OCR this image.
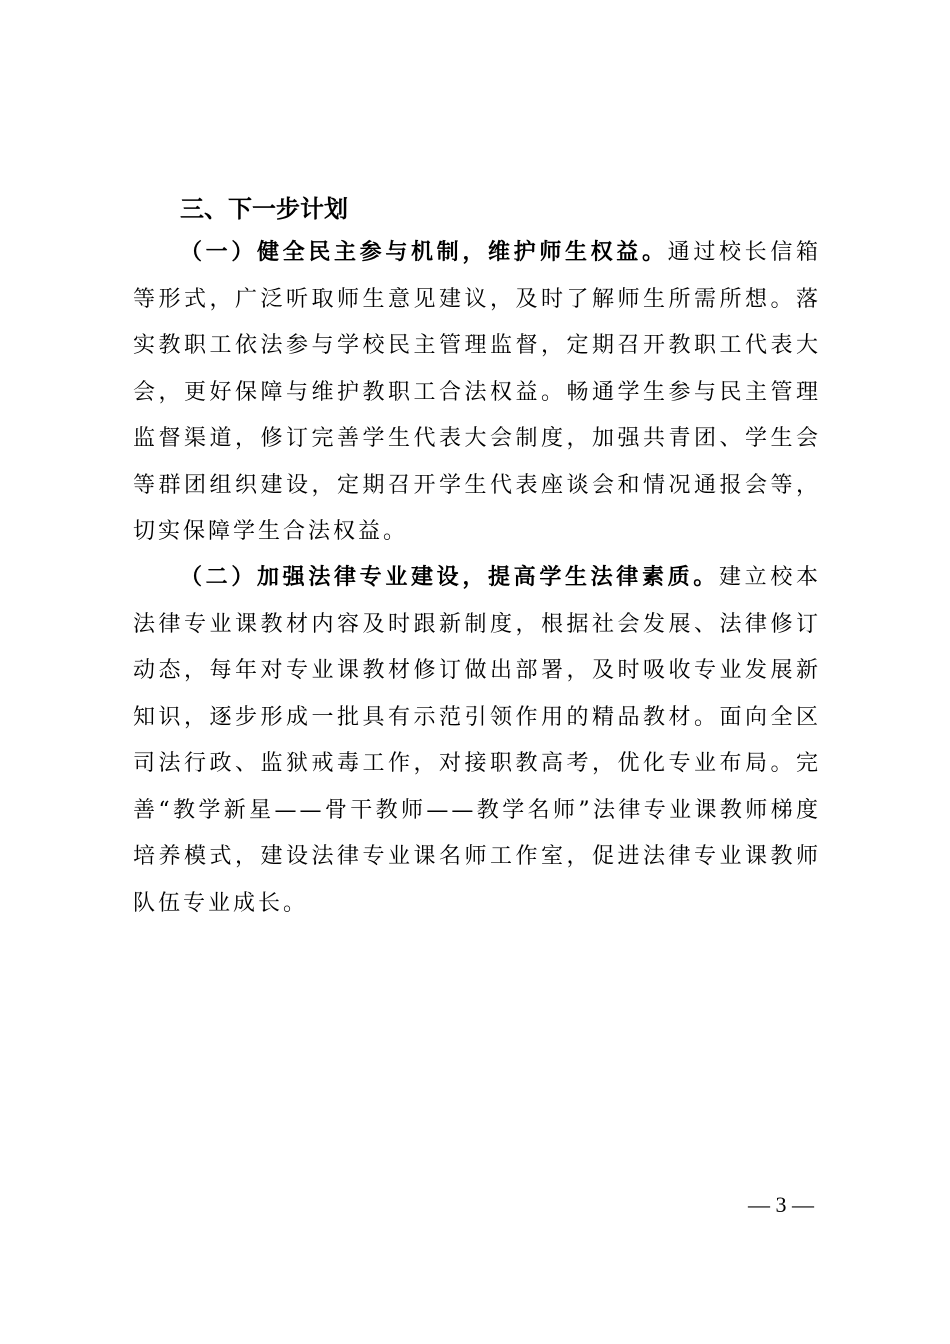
三、下一步计划

（一）健全民主参与机制，维护师生权益。通过校长信箱等形式，广泛听取师生意见建议，及时了解师生所需所想。落实教职工依法参与学校民主管理监督，定期召开教职工代表大会，更好保障与维护教职工合法权益。畅通学生参与民主管理监督渠道，修订完善学生代表大会制度，加强共青团、学生会等群团组织建设，定期召开学生代表座谈会和情况通报会等，切实保障学生合法权益。

（二）加强法律专业建设，提高学生法律素质。建立校本法律专业课教材内容及时跟新制度，根据社会发展、法律修订动态，每年对专业课教材修订做出部署，及时吸收专业发展新知识，逐步形成一批具有示范引领作用的精品教材。面向全区司法行政、监狱戒毒工作，对接职教高考，优化专业布局。完善“教学新星——骨干教师——教学名师”法律专业课教师梯度培养模式，建设法律专业课名师工作室，促进法律专业课教师队伍专业成长。

— 3 —
